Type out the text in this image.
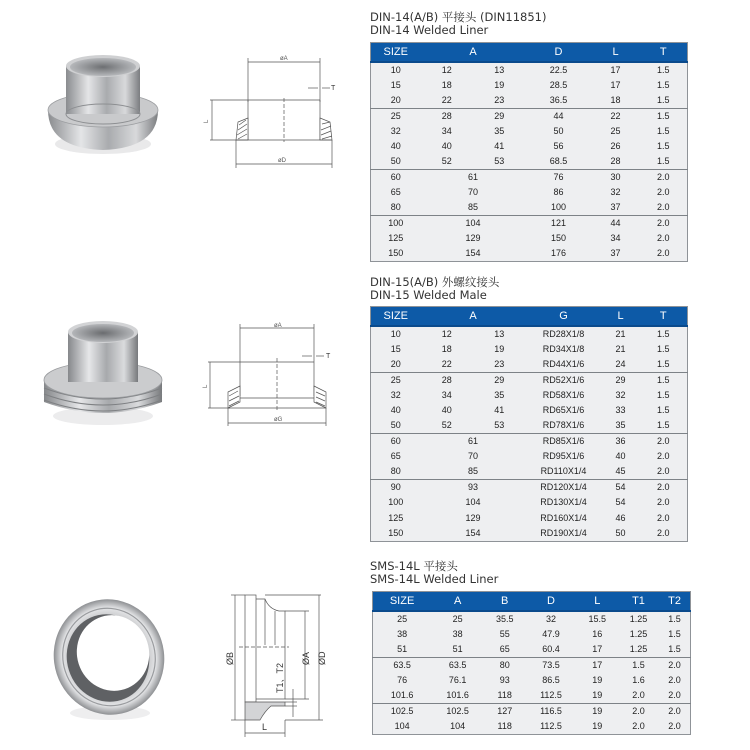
øA
L
T
øD
DIN-14(A/B) 平接头 (DIN11851)
DIN-14 Welded Liner
SIZE	A		D	L	T
10	12	13	22.5	17	1.5
15	18	19	28.5	17	1.5
20	22	23	36.5	18	1.5
25	28	29	44	22	1.5
32	34	35	50	25	1.5
40	40	41	56	26	1.5
50	52	53	68.5	28	1.5
60	61		76	30	2.0
65	70		86	32	2.0
80	85		100	37	2.0
100	104		121	44	2.0
125	129		150	34	2.0
150	154		176	37	2.0
øA
L
T
øG
DIN-15(A/B) 外螺纹接头
DIN-15 Welded Male
SIZE	A		G	L	T
10	12	13	RD28X1/8	21	1.5
15	18	19	RD34X1/8	21	1.5
20	22	23	RD44X1/6	24	1.5
25	28	29	RD52X1/6	29	1.5
32	34	35	RD58X1/6	32	1.5
40	40	41	RD65X1/6	33	1.5
50	52	53	RD78X1/6	35	1.5
60	61		RD85X1/6	36	2.0
65	70		RD95X1/6	40	2.0
80	85		RD110X1/4	45	2.0
90	93		RD120X1/4	54	2.0
100	104		RD130X1/4	54	2.0
125	129		RD160X1/4	46	2.0
150	154		RD190X1/4	50	2.0
ØB	ØA ØD
T1、T2
L
SMS-14L 平接头
SMS-14L Welded Liner
SIZE	A	B	D	L	T1	T2
25	25	35.5	32	15.5	1.25	1.5
38	38	55	47.9	16	1.25	1.5
51	51	65	60.4	17	1.25	1.5
63.5	63.5	80	73.5	17	1.5	2.0
76	76.1	93	86.5	19	1.6	2.0
101.6	101.6	118	112.5	19	2.0	2.0
102.5	102.5	127	116.5	19	2.0	2.0
104	104	118	112.5	19	2.0	2.0
